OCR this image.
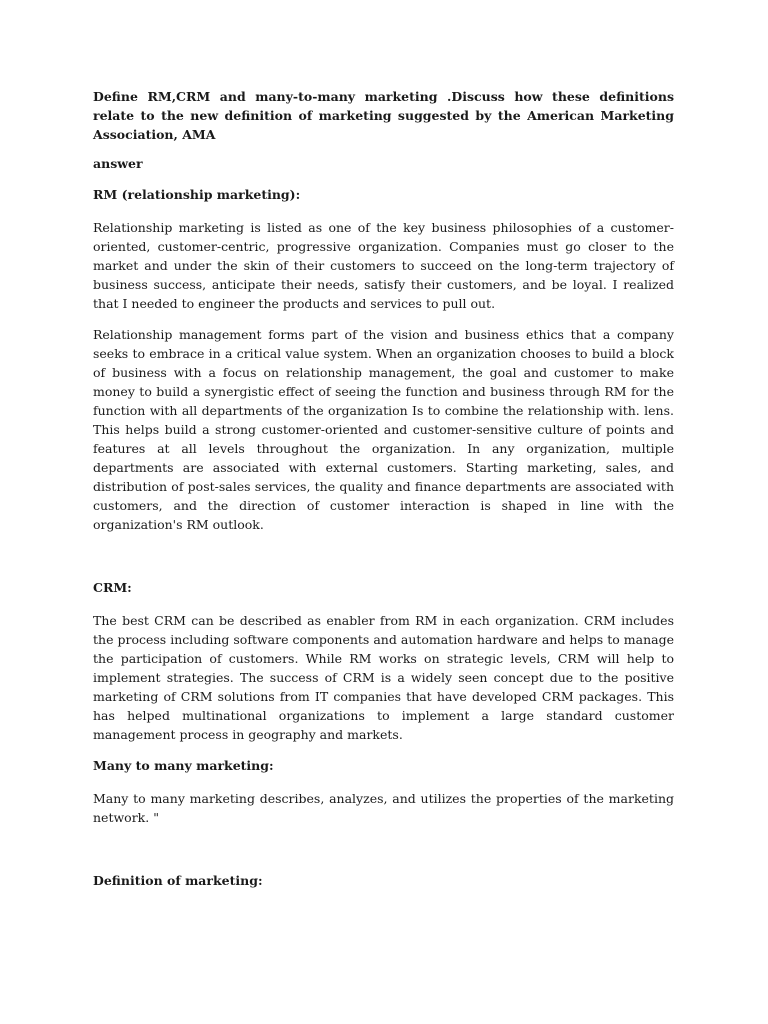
Define RM,CRM and many-to-many marketing .Discuss how these definitions relate to the new definition of marketing suggested by the American Marketing Association, AMA

answer

RM (relationship marketing):

Relationship marketing is listed as one of the key business philosophies of a customer-oriented, customer-centric, progressive organization. Companies must go closer to the market and under the skin of their customers to succeed on the long-term trajectory of business success, anticipate their needs, satisfy their customers, and be loyal. I realized that I needed to engineer the products and services to pull out.

Relationship management forms part of the vision and business ethics that a company seeks to embrace in a critical value system. When an organization chooses to build a block of business with a focus on relationship management, the goal and customer to make money to build a synergistic effect of seeing the function and business through RM for the function with all departments of the organization Is to combine the relationship with. lens. This helps build a strong customer-oriented and customer-sensitive culture of points and features at all levels throughout the organization. In any organization, multiple departments are associated with external customers. Starting marketing, sales, and distribution of post-sales services, the quality and finance departments are associated with customers, and the direction of customer interaction is shaped in line with the organization's RM outlook.

CRM:

The best CRM can be described as enabler from RM in each organization. CRM includes the process including software components and automation hardware and helps to manage the participation of customers. While RM works on strategic levels, CRM will help to implement strategies. The success of CRM is a widely seen concept due to the positive marketing of CRM solutions from IT companies that have developed CRM packages. This has helped multinational organizations to implement a large standard customer management process in geography and markets.

Many to many marketing:

Many to many marketing describes, analyzes, and utilizes the properties of the marketing network. "

Definition of marketing:
